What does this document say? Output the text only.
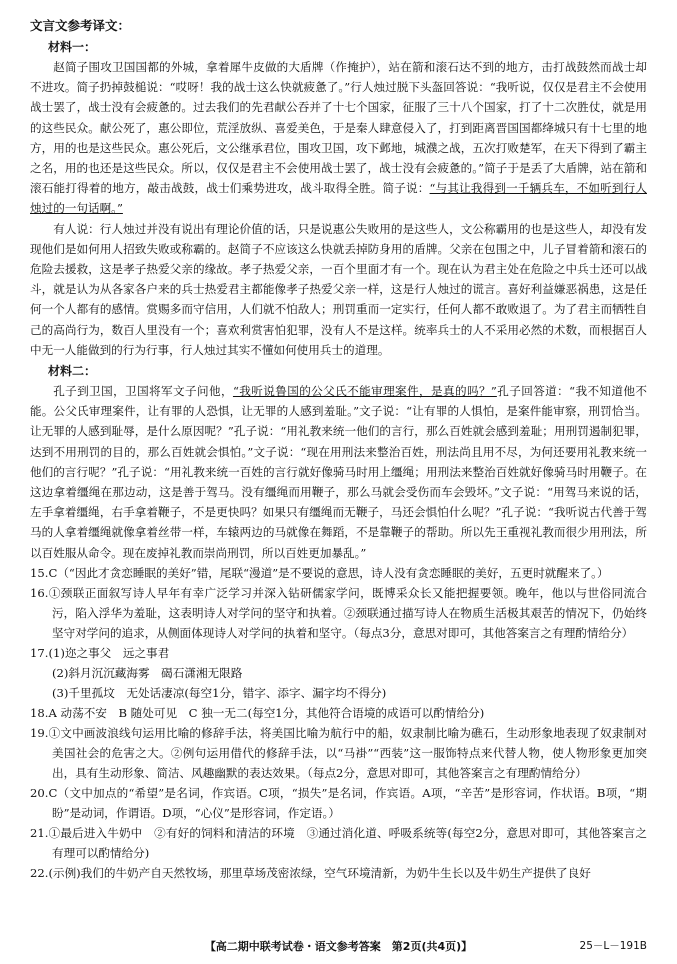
文言文参考译文：
材料一：

赵简子围攻卫国国都的外城，拿着犀牛皮做的大盾牌（作掩护），站在箭和滚石达不到的地方，击打战鼓然而战士却不进攻。简子扔掉鼓槌说：“哎呀！我的战士这么快就疲惫了。”行人烛过脱下头盔回答说：“我听说，仅仅是君主不会使用战士罢了，战士没有会疲惫的。过去我们的先君献公吞并了十七个国家，征服了三十八个国家，打了十二次胜仗，就是用的这些民众。献公死了，惠公即位，荒淫放纵、喜爱美色，于是秦人肆意侵入了，打到距离晋国国都绛城只有十七里的地方，用的也是这些民众。惠公死后，文公继承君位，围攻卫国，攻下邺地，城濮之战，五次打败楚军，在天下得到了霸主之名，用的也还是这些民众。所以，仅仅是君主不会使用战士罢了，战士没有会疲惫的。”简子于是丢了大盾牌，站在箭和滚石能打得着的地方，敲击战鼓，战士们乘势进攻，战斗取得全胜。简子说：“与其让我得到一千辆兵车，不如听到行人烛过的一句话啊。”

有人说：行人烛过并没有说出有理论价值的话，只是说惠公失败用的是这些人，文公称霸用的也是这些人，却没有发现他们是如何用人招致失败或称霸的。赵简子不应该这么快就丢掉防身用的盾牌。父亲在包围之中，儿子冒着箭和滚石的危险去援救，这是孝子热爱父亲的缘故。孝子热爱父亲，一百个里面才有一个。现在认为君主处在危险之中兵士还可以战斗，就是认为从各家各户来的兵士热爱君主都能像孝子热爱父亲一样，这是行人烛过的谎言。喜好利益嫌恶祸患，这是任何一个人都有的感情。赏赐多而守信用，人们就不怕敌人；刑罚重而一定实行，任何人都不敢败退了。为了君主而牺牲自己的高尚行为，数百人里没有一个；喜欢利赏害怕犯罪，没有人不是这样。统率兵士的人不采用必然的术数，而根据百人中无一人能做到的行为行事，行人烛过其实不懂如何使用兵士的道理。

材料二：

孔子到卫国，卫国将军文子问他，“我听说鲁国的公父氏不能审理案件，是真的吗？”孔子回答道：“我不知道他不能。公父氏审理案件，让有罪的人恐惧，让无罪的人感到羞耻。”文子说：“让有罪的人惧怕，是案件能审察，刑罚恰当。让无罪的人感到耻辱，是什么原因呢？”孔子说：“用礼教来统一他们的言行，那么百姓就会感到羞耻；用刑罚遏制犯罪，达到不用刑罚的目的，那么百姓就会惧怕。”文子说：“现在用刑法来整治百姓，刑法尚且用不尽，为何还要用礼教来统一他们的言行呢？”孔子说：“用礼教来统一百姓的言行就好像骑马时用上缰绳；用刑法来整治百姓就好像骑马时用鞭子。在这边拿着缰绳在那边动，这是善于驾马。没有缰绳而用鞭子，那么马就会受伤而车会毁坏。”文子说：“用驾马来说的话，左手拿着缰绳，右手拿着鞭子，不是更快吗？如果只有缰绳而无鞭子，马还会惧怕什么呢？”孔子说：“我听说古代善于驾马的人拿着缰绳就像拿着丝带一样，车辕两边的马就像在舞蹈，不是靠鞭子的帮助。所以先王重视礼教而很少用刑法，所以百姓服从命令。现在废掉礼教而崇尚刑罚，所以百姓更加暴乱。”

15.C（“因此才贪恋睡眠的美好”错，尾联“漫道”是不要说的意思，诗人没有贪恋睡眠的美好，五更时就醒来了。）

16.①颈联正面叙写诗人早年有幸广泛学习并深入钻研儒家学问，既博采众长又能把握要领。晚年，他以与世俗同流合污，陷入浮华为羞耻，这表明诗人对学问的坚守和执着。②颈联通过描写诗人在物质生活极其艰苦的情况下，仍始终坚守对学问的追求，从侧面体现诗人对学问的执着和坚守。（每点3分，意思对即可，其他答案言之有理酌情给分）

17.(1)迩之事父　远之事君
(2)斜月沉沉藏海雾　碣石潇湘无限路
(3)千里孤坟　无处话凄凉(每空1分，错字、添字、漏字均不得分)

18.A 动荡不安　B 随处可见　C 独一无二(每空1分，其他符合语境的成语可以酌情给分)

19.①文中画波浪线句运用比喻的修辞手法，将美国比喻为航行中的船，奴隶制比喻为礁石，生动形象地表现了奴隶制对美国社会的危害之大。②例句运用借代的修辞手法，以“马褂”“西装”这一服饰特点来代替人物，使人物形象更加突出，具有生动形象、简洁、风趣幽默的表达效果。（每点2分，意思对即可，其他答案言之有理酌情给分）

20.C（文中加点的“希望”是名词，作宾语。C项，“损失”是名词，作宾语。A项，“辛苦”是形容词，作状语。B项，“期盼”是动词，作谓语。D项，“心仪”是形容词，作定语。）

21.①最后进入牛奶中　②有好的饲料和清洁的环境　③通过消化道、呼吸系统等(每空2分，意思对即可，其他答案言之有理可以酌情给分)

22.(示例)我们的牛奶产自天然牧场，那里草场茂密浓绿，空气环境清新，为奶牛生长以及牛奶生产提供了良好

【高二期中联考试卷・语文参考答案　第2页(共4页)】	25－L－191B
